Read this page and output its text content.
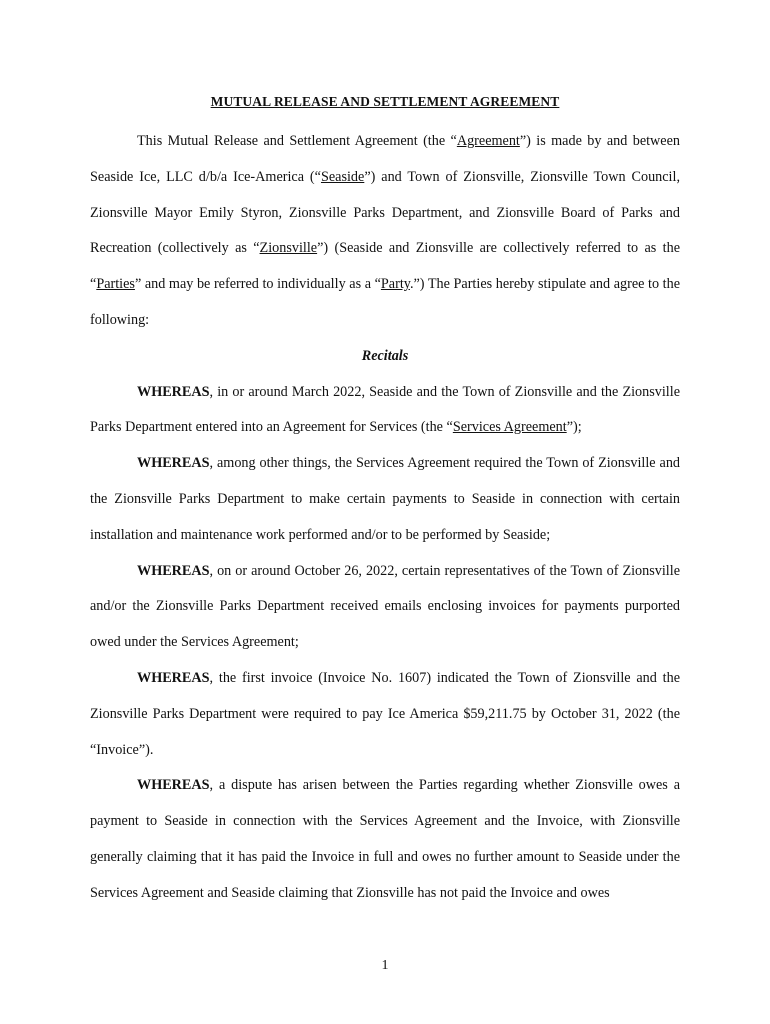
MUTUAL RELEASE AND SETTLEMENT AGREEMENT

This Mutual Release and Settlement Agreement (the “Agreement”) is made by and between Seaside Ice, LLC d/b/a Ice-America (“Seaside”) and Town of Zionsville, Zionsville Town Council, Zionsville Mayor Emily Styron, Zionsville Parks Department, and Zionsville Board of Parks and Recreation (collectively as “Zionsville”) (Seaside and Zionsville are collectively referred to as the “Parties” and may be referred to individually as a “Party.”) The Parties hereby stipulate and agree to the following:

Recitals

WHEREAS, in or around March 2022, Seaside and the Town of Zionsville and the Zionsville Parks Department entered into an Agreement for Services (the “Services Agreement”);

WHEREAS, among other things, the Services Agreement required the Town of Zionsville and the Zionsville Parks Department to make certain payments to Seaside in connection with certain installation and maintenance work performed and/or to be performed by Seaside;

WHEREAS, on or around October 26, 2022, certain representatives of the Town of Zionsville and/or the Zionsville Parks Department received emails enclosing invoices for payments purported owed under the Services Agreement;

WHEREAS, the first invoice (Invoice No. 1607) indicated the Town of Zionsville and the Zionsville Parks Department were required to pay Ice America $59,211.75 by October 31, 2022 (the “Invoice”).

WHEREAS, a dispute has arisen between the Parties regarding whether Zionsville owes a payment to Seaside in connection with the Services Agreement and the Invoice, with Zionsville generally claiming that it has paid the Invoice in full and owes no further amount to Seaside under the Services Agreement and Seaside claiming that Zionsville has not paid the Invoice and owes

1
